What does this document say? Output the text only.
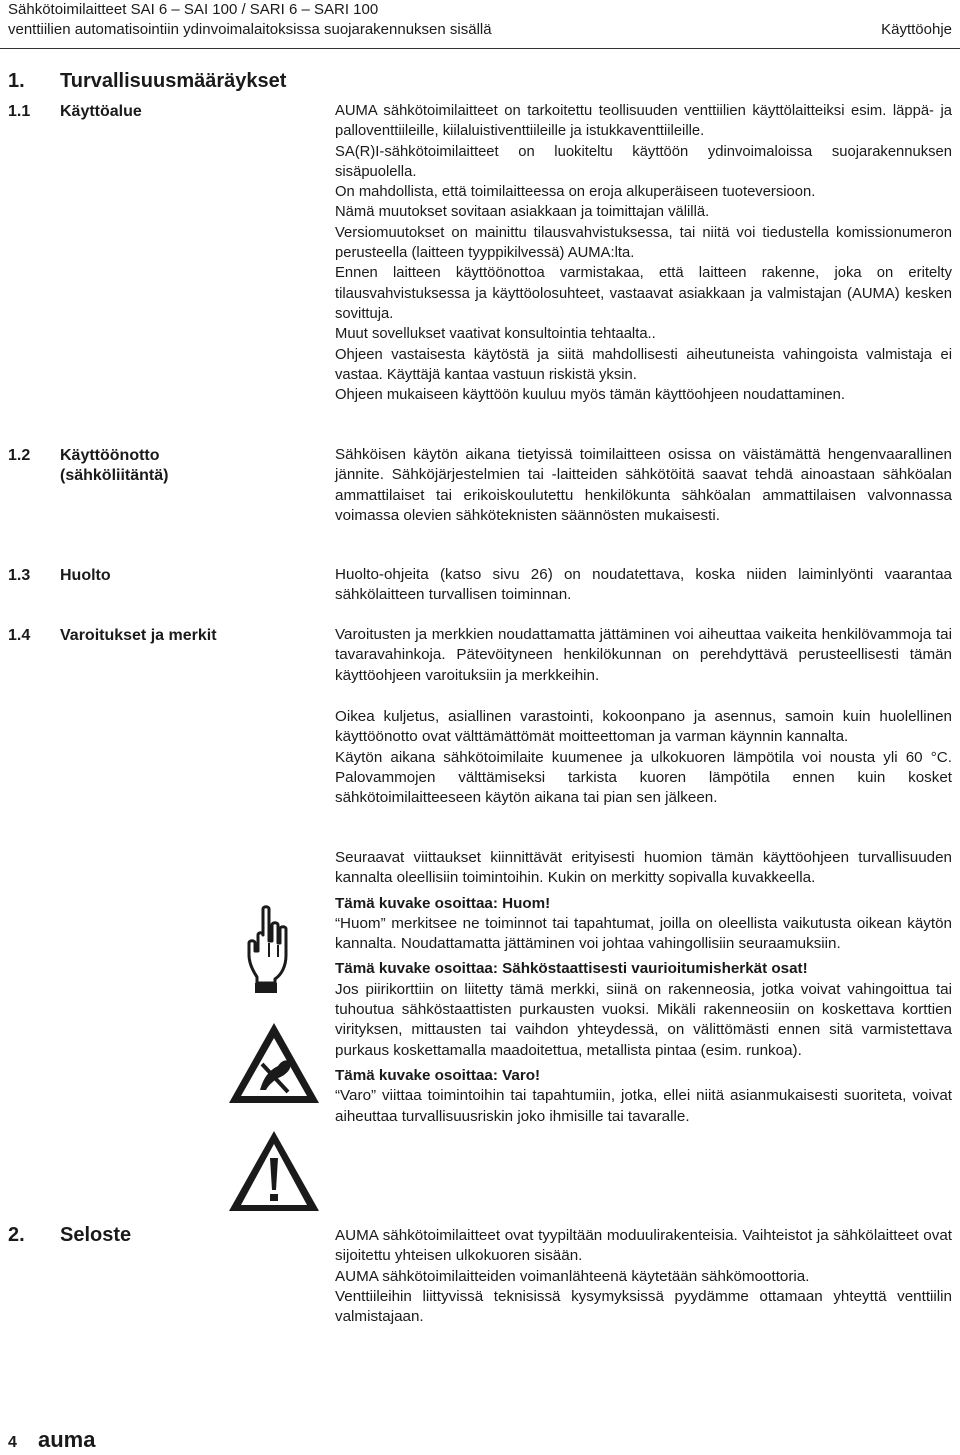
Sähkötoimilaitteet SAI 6 – SAI 100 / SARI 6 – SARI 100
venttiilien automatisointiin ydinvoimalaitoksissa suojarakennuksen sisällä	Käyttöohje
1. Turvallisuusmääräykset
1.1 Käyttöalue	AUMA sähkötoimilaitteet on tarkoitettu teollisuuden venttiilien käyttölaitteiksi esim. läppä- ja palloventtiileille, kiilaluistiventtiileille ja istukkaventtiileille.

SA(R)I-sähkötoimilaitteet on luokiteltu käyttöön ydinvoimaloissa suojarakennuksen sisäpuolella.

On mahdollista, että toimilaitteessa on eroja alkuperäiseen tuoteversioon.

Nämä muutokset sovitaan asiakkaan ja toimittajan välillä.

Versiomuutokset on mainittu tilausvahvistuksessa, tai niitä voi tiedustella komissionumeron perusteella (laitteen tyyppikilvessä) AUMA:lta.

Ennen laitteen käyttöönottoa varmistakaa, että laitteen rakenne, joka on eritelty tilausvahvistuksessa ja käyttöolosuhteet, vastaavat asiakkaan ja valmistajan (AUMA) kesken sovittuja.

Muut sovellukset vaativat konsultointia tehtaalta..

Ohjeen vastaisesta käytöstä ja siitä mahdollisesti aiheutuneista vahingoista valmistaja ei vastaa. Käyttäjä kantaa vastuun riskistä yksin.

Ohjeen mukaiseen käyttöön kuuluu myös tämän käyttöohjeen noudattaminen.

1.2 Käyttöönotto
(sähköliitäntä)

Sähköisen käytön aikana tietyissä toimilaitteen osissa on väistämättä hengenvaarallinen jännite. Sähköjärjestelmien tai -laitteiden sähkötöitä saavat tehdä ainoastaan sähköalan ammattilaiset tai erikoiskoulutettu henkilökunta sähköalan ammattilaisen valvonnassa voimassa olevien sähköteknisten säännösten mukaisesti.

1.3 Huolto	Huolto-ohjeita (katso sivu 26) on noudatettava, koska niiden laiminlyönti vaarantaa sähkölaitteen turvallisen toiminnan.

1.4 Varoitukset ja merkit	Varoitusten ja merkkien noudattamatta jättäminen voi aiheuttaa vaikeita henkilövammoja tai tavaravahinkoja. Pätevöityneen henkilökunnan on perehdyttävä perusteellisesti tämän käyttöohjeen varoituksiin ja merkkeihin.

Oikea kuljetus, asiallinen varastointi, kokoonpano ja asennus, samoin kuin huolellinen käyttöönotto ovat välttämättömät moitteettoman ja varman käynnin kannalta.

Käytön aikana sähkötoimilaite kuumenee ja ulkokuoren lämpötila voi nousta yli 60 °C. Palovammojen välttämiseksi tarkista kuoren lämpötila ennen kuin kosket sähkötoimilaitteeseen käytön aikana tai pian sen jälkeen.

Seuraavat viittaukset kiinnittävät erityisesti huomion tämän käyttöohjeen turvallisuuden kannalta oleellisiin toimintoihin. Kukin on merkitty sopivalla kuvakkeella.

Tämä kuvake osoittaa: Huom!

“Huom” merkitsee ne toiminnot tai tapahtumat, joilla on oleellista vaikutusta oikean käytön kannalta. Noudattamatta jättäminen voi johtaa vahingollisiin seuraamuksiin.

Tämä kuvake osoittaa: Sähköstaattisesti vaurioitumisherkät osat!

Jos piirikorttiin on liitetty tämä merkki, siinä on rakenneosia, jotka voivat vahingoittua tai tuhoutua sähköstaattisten purkausten vuoksi. Mikäli rakenneosiin on koskettava korttien virityksen, mittausten tai vaihdon yhteydessä, on välittömästi ennen sitä varmistettava purkaus koskettamalla maadoitettua, metallista pintaa (esim. runkoa).

Tämä kuvake osoittaa: Varo!

“Varo” viittaa toimintoihin tai tapahtumiin, jotka, ellei niitä asianmukaisesti suoriteta, voivat aiheuttaa turvallisuusriskin joko ihmisille tai tavaralle.

2. Seloste	AUMA sähkötoimilaitteet ovat tyypiltään moduulirakenteisia. Vaihteistot ja sähkölaitteet ovat sijoitettu yhteisen ulkokuoren sisään.

AUMA sähkötoimilaitteiden voimanlähteenä käytetään sähkömoottoria.

Venttiileihin liittyvissä teknisissä kysymyksissä pyydämme ottamaan yhteyttä venttiilin valmistajaan.

4 auma
